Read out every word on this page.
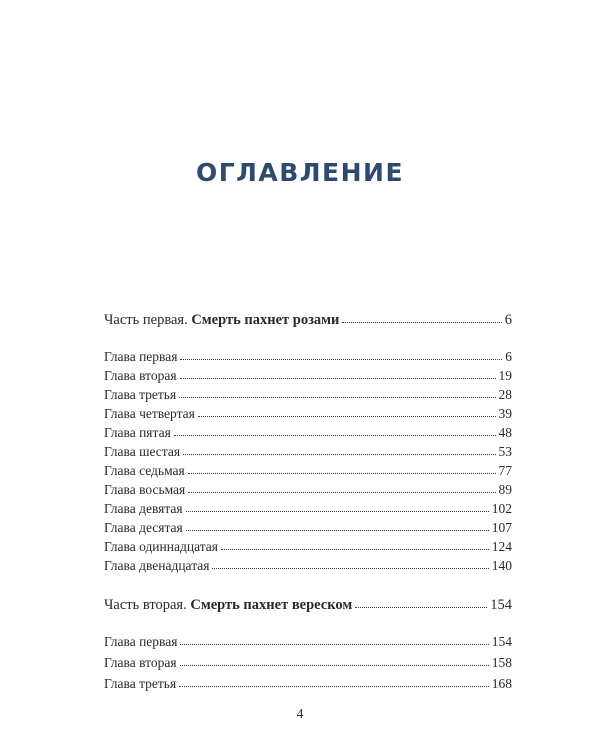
ОГЛАВЛЕНИЕ
Часть первая. Смерть пахнет розами	6
Глава первая	6
Глава вторая	19
Глава третья	28
Глава четвертая	39
Глава пятая	48
Глава шестая	53
Глава седьмая	77
Глава восьмая	89
Глава девятая	102
Глава десятая	107
Глава одиннадцатая	124
Глава двенадцатая	140
Часть вторая. Смерть пахнет вереском	154
Глава первая	154
Глава вторая	158
Глава третья	168
4
